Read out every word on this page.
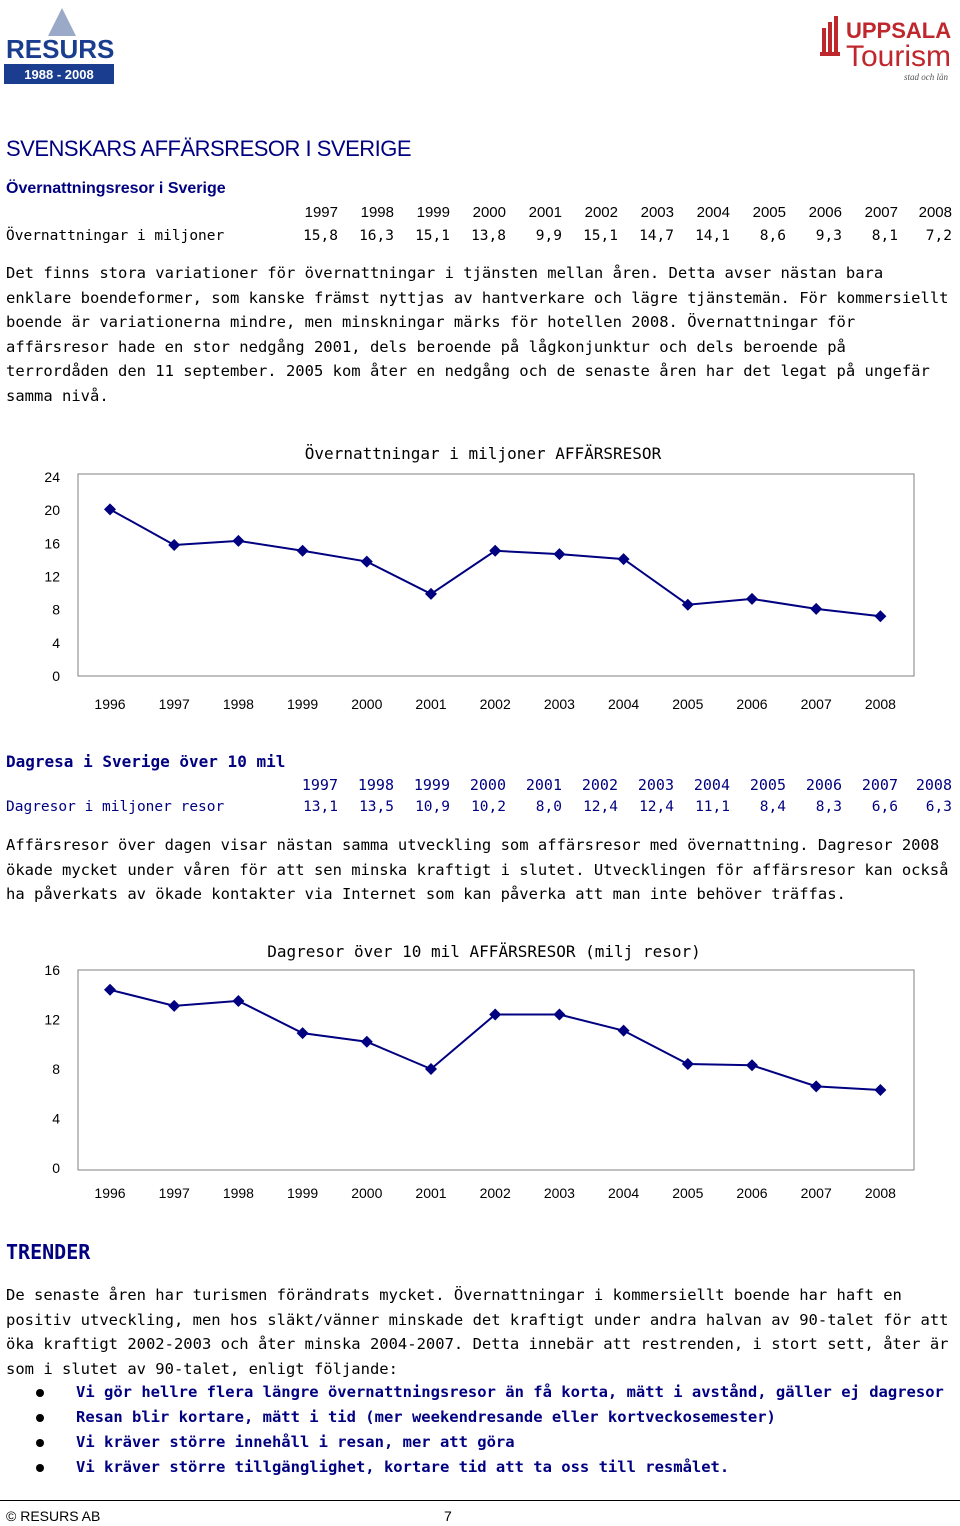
RESURS
1988 - 2008
UPPSALA
Tourism
stad och län
SVENSKARS AFFÄRSRESOR I SVERIGE
Övernattningsresor i Sverige
1997	1998	1999	2000	2001	2002	2003	2004	2005	2006	2007	2008
Övernattningar i miljoner	15,8	16,3	15,1	13,8	9,9	15,1	14,7	14,1	8,6	9,3	8,1	7,2

Det finns stora variationer för övernattningar i tjänsten mellan åren. Detta avser nästan bara enklare boendeformer, som kanske främst nyttjas av hantverkare och lägre tjänstemän. För kommersiellt boende är variationerna mindre, men minskningar märks för hotellen 2008. Övernattningar för affärsresor hade en stor nedgång 2001, dels beroende på lågkonjunktur och dels beroende på terrordåden den 11 september. 2005 kom åter en nedgång och de senaste åren har det legat på ungefär samma nivå.

Övernattningar i miljoner AFFÄRSRESOR
0
4
8
12
16
20
24
1996 1997 1998 1999 2000 2001 2002 2003 2004 2005 2006 2007 2008
Dagresa i Sverige över 10 mil
1997	1998	1999	2000	2001	2002	2003	2004	2005	2006	2007	2008
Dagresor i miljoner resor	13,1	13,5	10,9	10,2	8,0	12,4	12,4	11,1	8,4	8,3	6,6	6,3

Affärsresor över dagen visar nästan samma utveckling som affärsresor med övernattning. Dagresor 2008 ökade mycket under våren för att sen minska kraftigt i slutet. Utvecklingen för affärsresor kan också ha påverkats av ökade kontakter via Internet som kan påverka att man inte behöver träffas.

Dagresor över 10 mil AFFÄRSRESOR (milj resor)
0
4
8
12
16
1996 1997 1998 1999 2000 2001 2002 2003 2004 2005 2006 2007 2008
TRENDER

De senaste åren har turismen förändrats mycket. Övernattningar i kommersiellt boende har haft en positiv utveckling, men hos släkt/vänner minskade det kraftigt under andra halvan av 90-talet för att öka kraftigt 2002-2003 och åter minska 2004-2007. Detta innebär att restrenden, i stort sett, åter är som i slutet av 90-talet, enligt följande:

Vi gör hellre flera längre övernattningsresor än få korta, mätt i avstånd, gäller ej dagresor
Resan blir kortare, mätt i tid (mer weekendresande eller kortveckosemester)
Vi kräver större innehåll i resan, mer att göra
Vi kräver större tillgänglighet, kortare tid att ta oss till resmålet.
© RESURS AB	7
